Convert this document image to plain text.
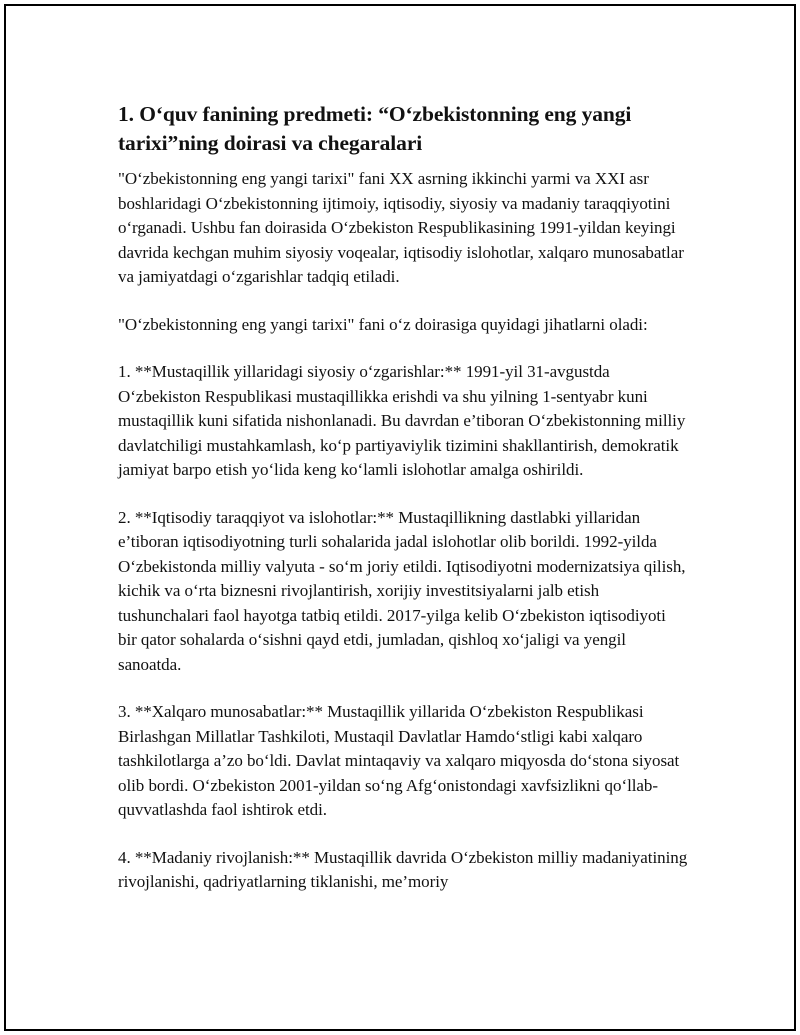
1. O‘quv fanining predmeti: “O‘zbekistonning eng yangi tarixi”ning doirasi va chegaralari

"O‘zbekistonning eng yangi tarixi" fani XX asrning ikkinchi yarmi va XXI asr boshlaridagi O‘zbekistonning ijtimoiy, iqtisodiy, siyosiy va madaniy taraqqiyotini o‘rganadi. Ushbu fan doirasida O‘zbekiston Respublikasining 1991-yildan keyingi davrida kechgan muhim siyosiy voqealar, iqtisodiy islohotlar, xalqaro munosabatlar va jamiyatdagi o‘zgarishlar tadqiq etiladi.

"O‘zbekistonning eng yangi tarixi" fani o‘z doirasiga quyidagi jihatlarni oladi:

1. **Mustaqillik yillaridagi siyosiy o‘zgarishlar:** 1991-yil 31-avgustda O‘zbekiston Respublikasi mustaqillikka erishdi va shu yilning 1-sentyabr kuni mustaqillik kuni sifatida nishonlanadi. Bu davrdan e’tiboran O‘zbekistonning milliy davlatchiligi mustahkamlash, ko‘p partiyaviylik tizimini shakllantirish, demokratik jamiyat barpo etish yo‘lida keng ko‘lamli islohotlar amalga oshirildi.

2. **Iqtisodiy taraqqiyot va islohotlar:** Mustaqillikning dastlabki yillaridan e’tiboran iqtisodiyotning turli sohalarida jadal islohotlar olib borildi. 1992-yilda O‘zbekistonda milliy valyuta - so‘m joriy etildi. Iqtisodiyotni modernizatsiya qilish, kichik va o‘rta biznesni rivojlantirish, xorijiy investitsiyalarni jalb etish tushunchalari faol hayotga tatbiq etildi. 2017-yilga kelib O‘zbekiston iqtisodiyoti bir qator sohalarda o‘sishni qayd etdi, jumladan, qishloq xo‘jaligi va yengil sanoatda.

3. **Xalqaro munosabatlar:** Mustaqillik yillarida O‘zbekiston Respublikasi Birlashgan Millatlar Tashkiloti, Mustaqil Davlatlar Hamdo‘stligi kabi xalqaro tashkilotlarga a’zo bo‘ldi. Davlat mintaqaviy va xalqaro miqyosda do‘stona siyosat olib bordi. O‘zbekiston 2001-yildan so‘ng Afg‘onistondagi xavfsizlikni qo‘llab-quvvatlashda faol ishtirok etdi.

4. **Madaniy rivojlanish:** Mustaqillik davrida O‘zbekiston milliy madaniyatining rivojlanishi, qadriyatlarning tiklanishi, me’moriy
